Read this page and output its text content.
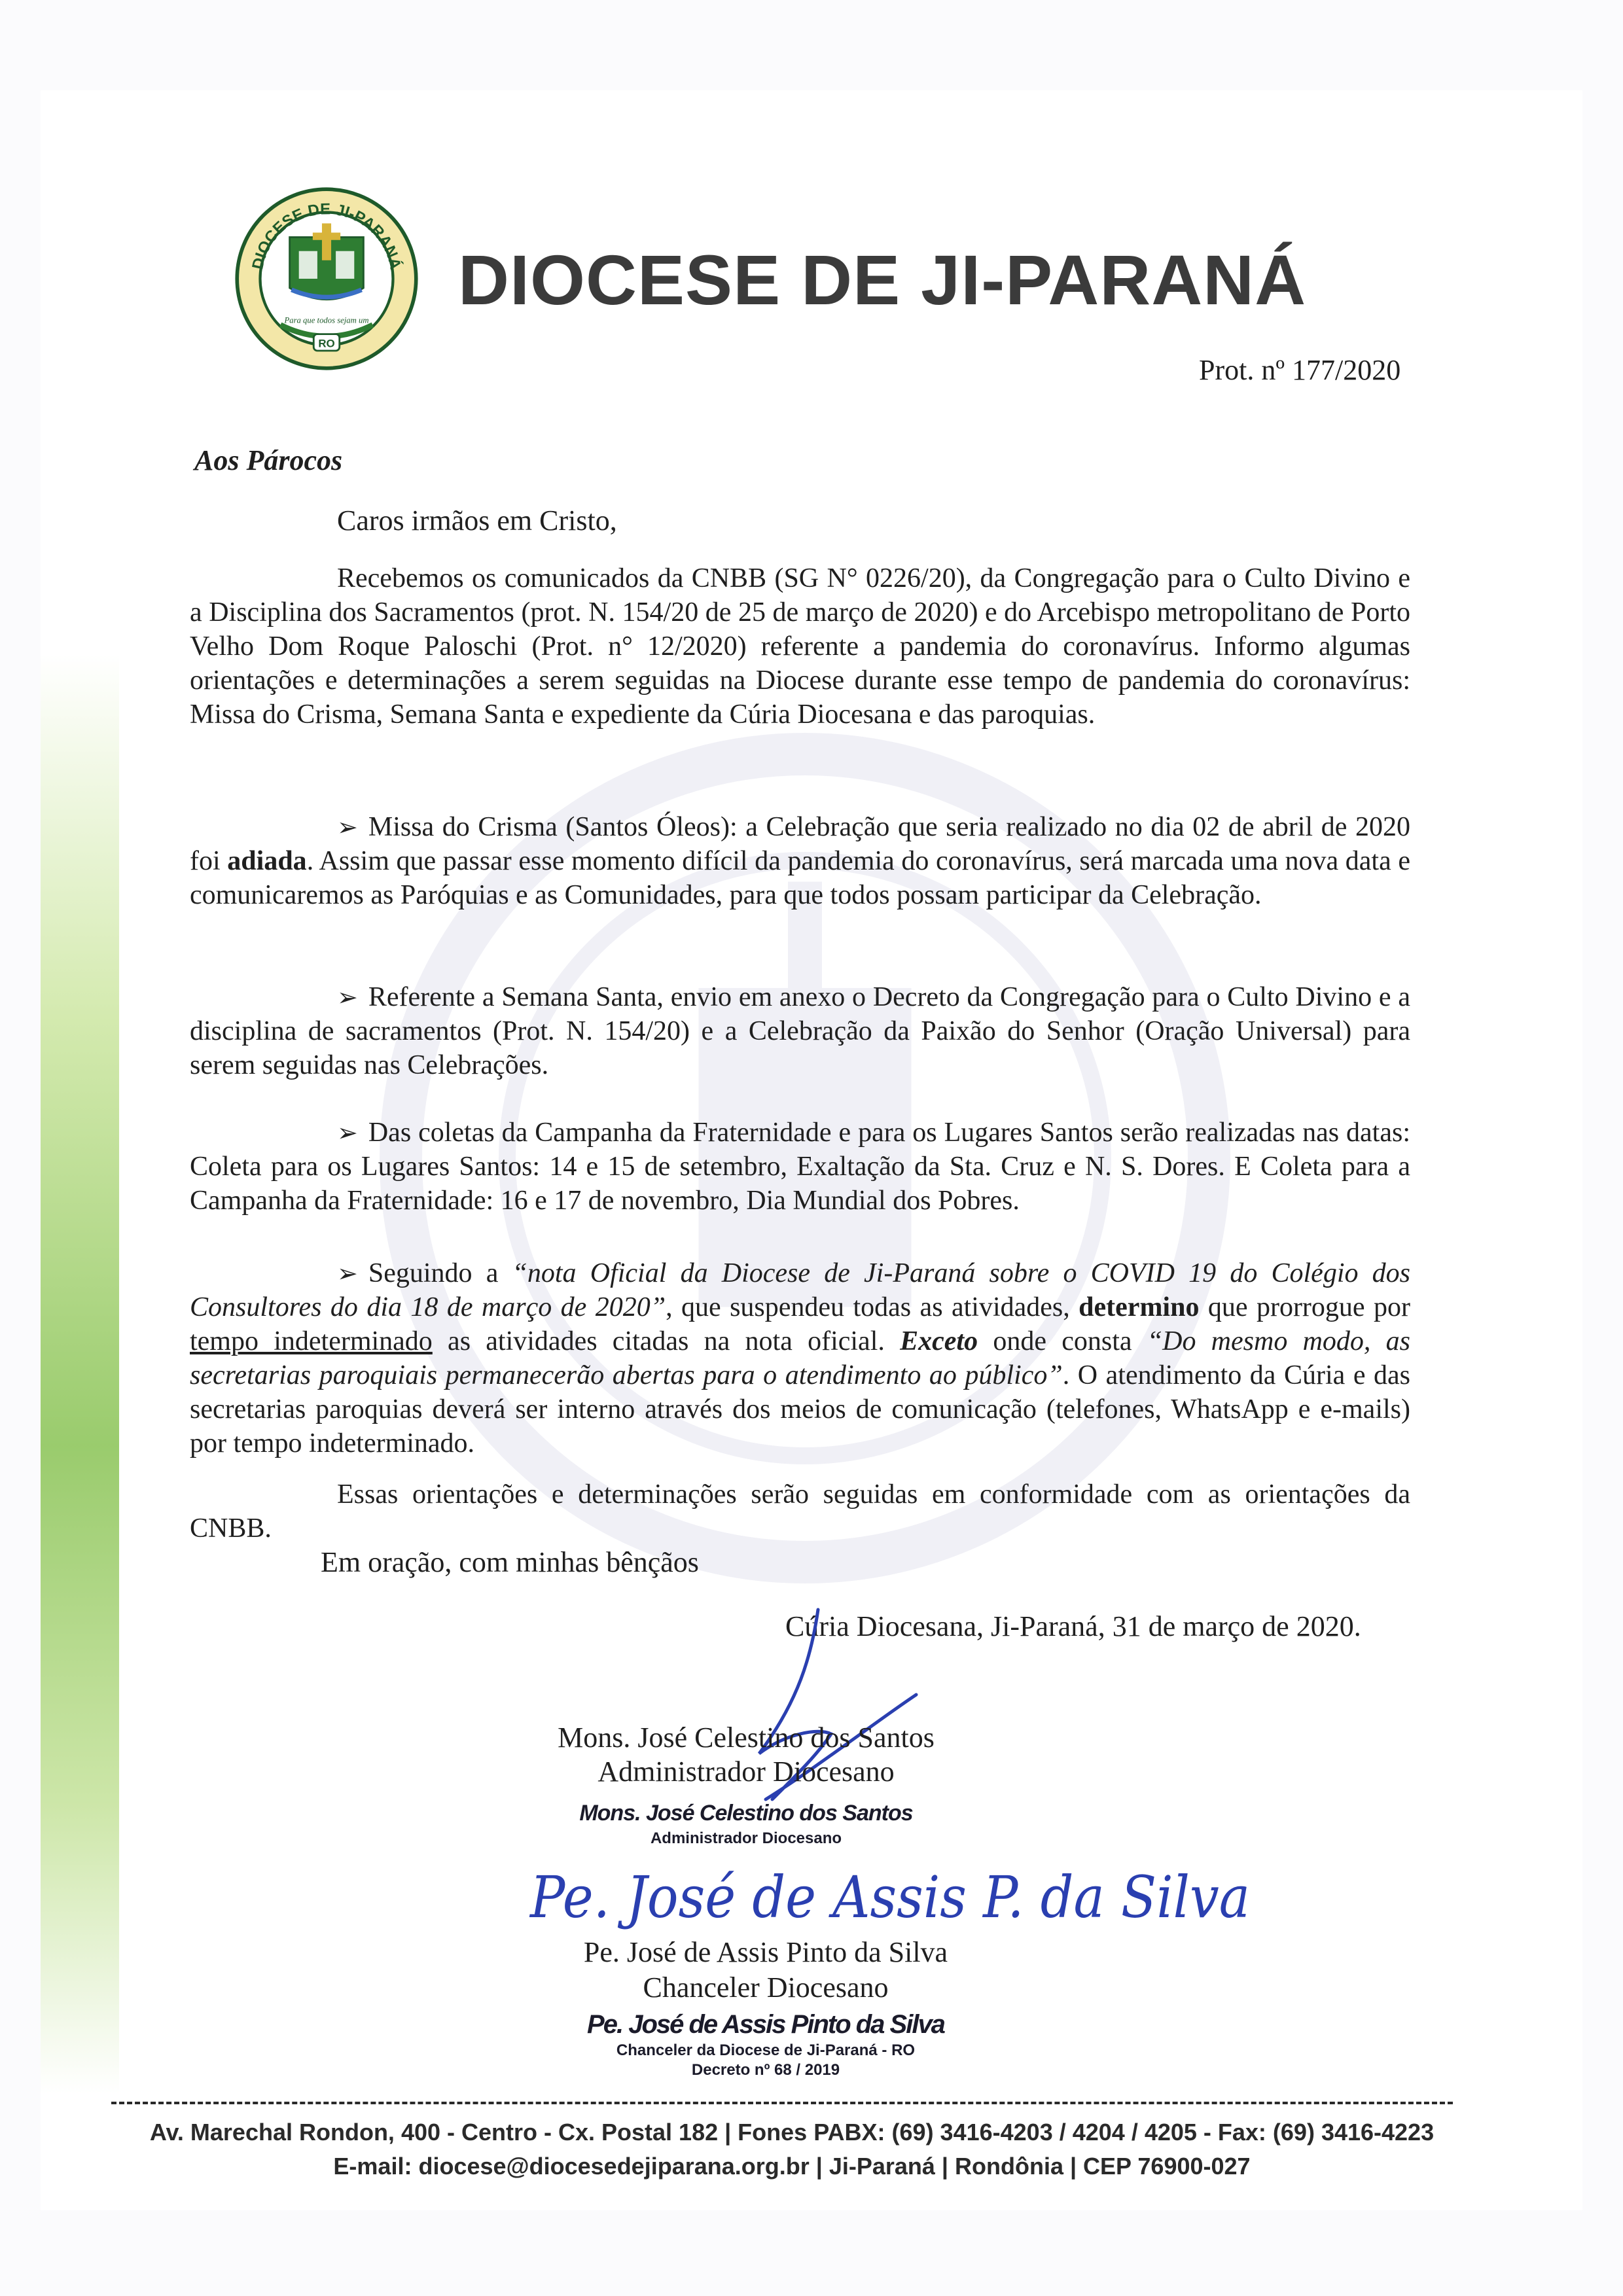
DIOCESE DE JI-PARANÁ
RO
Para que todos sejam um
DIOCESE DE JI-PARANÁ
Prot. nº 177/2020
Aos Párocos
Caros irmãos em Cristo,
Recebemos os comunicados da CNBB (SG N° 0226/20), da Congregação para o Culto Divino e a Disciplina dos Sacramentos (prot. N. 154/20 de 25 de março de 2020) e do Arcebispo metropolitano de Porto Velho Dom Roque Paloschi (Prot. n° 12/2020) referente a pandemia do coronavírus. Informo algumas orientações e determinações a serem seguidas na Diocese durante esse tempo de pandemia do coronavírus: Missa do Crisma, Semana Santa e expediente da Cúria Diocesana e das paroquias.
➢ Missa do Crisma (Santos Óleos): a Celebração que seria realizado no dia 02 de abril de 2020 foi adiada. Assim que passar esse momento difícil da pandemia do coronavírus, será marcada uma nova data e comunicaremos as Paróquias e as Comunidades, para que todos possam participar da Celebração.
➢ Referente a Semana Santa, envio em anexo o Decreto da Congregação para o Culto Divino e a disciplina de sacramentos (Prot. N. 154/20) e a Celebração da Paixão do Senhor (Oração Universal) para serem seguidas nas Celebrações.
➢ Das coletas da Campanha da Fraternidade e para os Lugares Santos serão realizadas nas datas: Coleta para os Lugares Santos: 14 e 15 de setembro, Exaltação da Sta. Cruz e N. S. Dores. E Coleta para a Campanha da Fraternidade: 16 e 17 de novembro, Dia Mundial dos Pobres.
➢ Seguindo a “nota Oficial da Diocese de Ji-Paraná sobre o COVID 19 do Colégio dos Consultores do dia 18 de março de 2020”, que suspendeu todas as atividades, determino que prorrogue por tempo indeterminado as atividades citadas na nota oficial. Exceto onde consta “Do mesmo modo, as secretarias paroquiais permanecerão abertas para o atendimento ao público”. O atendimento da Cúria e das secretarias paroquias deverá ser interno através dos meios de comunicação (telefones, WhatsApp e e-mails) por tempo indeterminado.
Essas orientações e determinações serão seguidas em conformidade com as orientações da CNBB.
Em oração, com minhas bênçãos
Cúria Diocesana, Ji-Paraná, 31 de março de 2020.
Mons. José Celestino dos Santos
Administrador Diocesano
Mons. José Celestino dos Santos
Administrador Diocesano
Pe. José de Assis P. da Silva
Pe. José de Assis Pinto da Silva
Chanceler Diocesano
Pe. José de Assis Pinto da Silva
Chanceler da Diocese de Ji-Paraná - RO
Decreto nº 68 / 2019
Av. Marechal Rondon, 400 - Centro - Cx. Postal 182 | Fones PABX: (69) 3416-4203 / 4204 / 4205 - Fax: (69) 3416-4223
E-mail: diocese@diocesedejiparana.org.br | Ji-Paraná | Rondônia | CEP 76900-027
